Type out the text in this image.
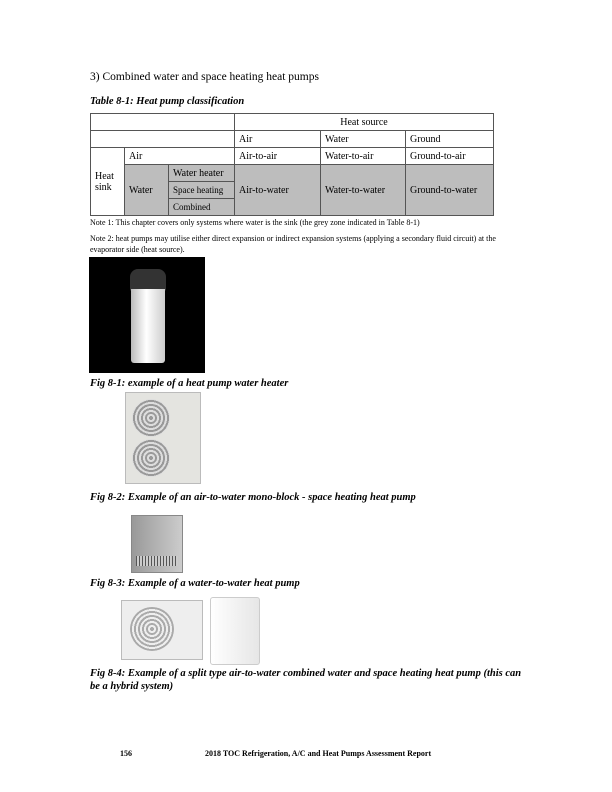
3) Combined water and space heating heat pumps
Table 8-1: Heat pump classification
			Heat source		
			Air	Water	Ground
Heat sink	Air		Air-to-air	Water-to-air	Ground-to-air
	Water	Water heater	Air-to-water	Water-to-water	Ground-to-water
		Space heating			
		Combined			
Note 1: This chapter covers only systems where water is the sink (the grey zone indicated in Table 8-1)
Note 2: heat pumps may utilise either direct expansion or indirect expansion systems (applying a secondary fluid circuit) at the evaporator side (heat source).
Fig 8-1: example of a heat pump water heater
Fig 8-2: Example of an air-to-water mono-block - space heating heat pump
Fig 8-3: Example of a water-to-water heat pump
Fig 8-4: Example of a split type air-to-water combined water and space heating heat pump (this can be a hybrid system)
156	2018 TOC Refrigeration, A/C and Heat Pumps Assessment Report
